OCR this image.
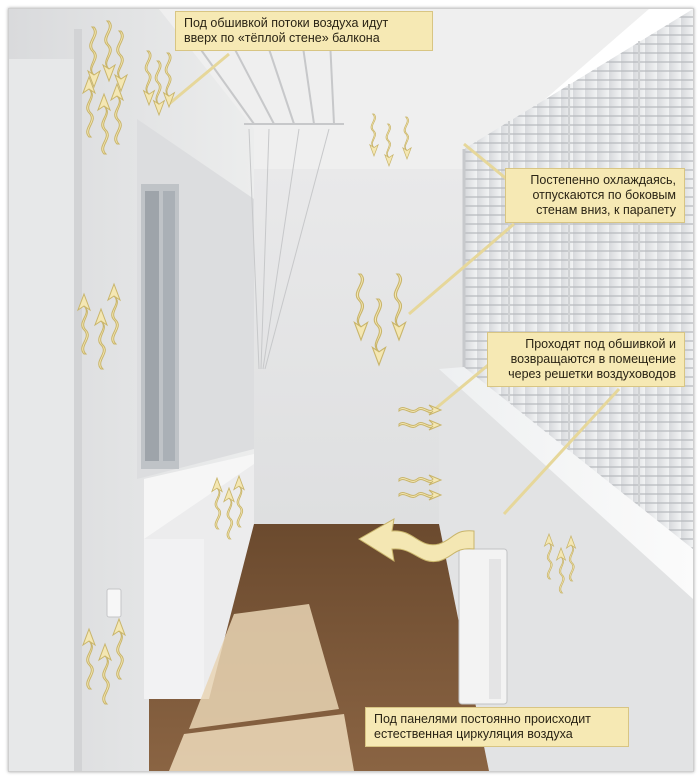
Под обшивкой потоки воздуха идут
вверх по «тёплой стене» балкона
Постепенно охлаждаясь,
отпускаются по боковым
стенам вниз, к парапету
Проходят под обшивкой и
возвращаются в помещение
через решетки воздуховодов
Под панелями постоянно происходит
естественная циркуляция воздуха
